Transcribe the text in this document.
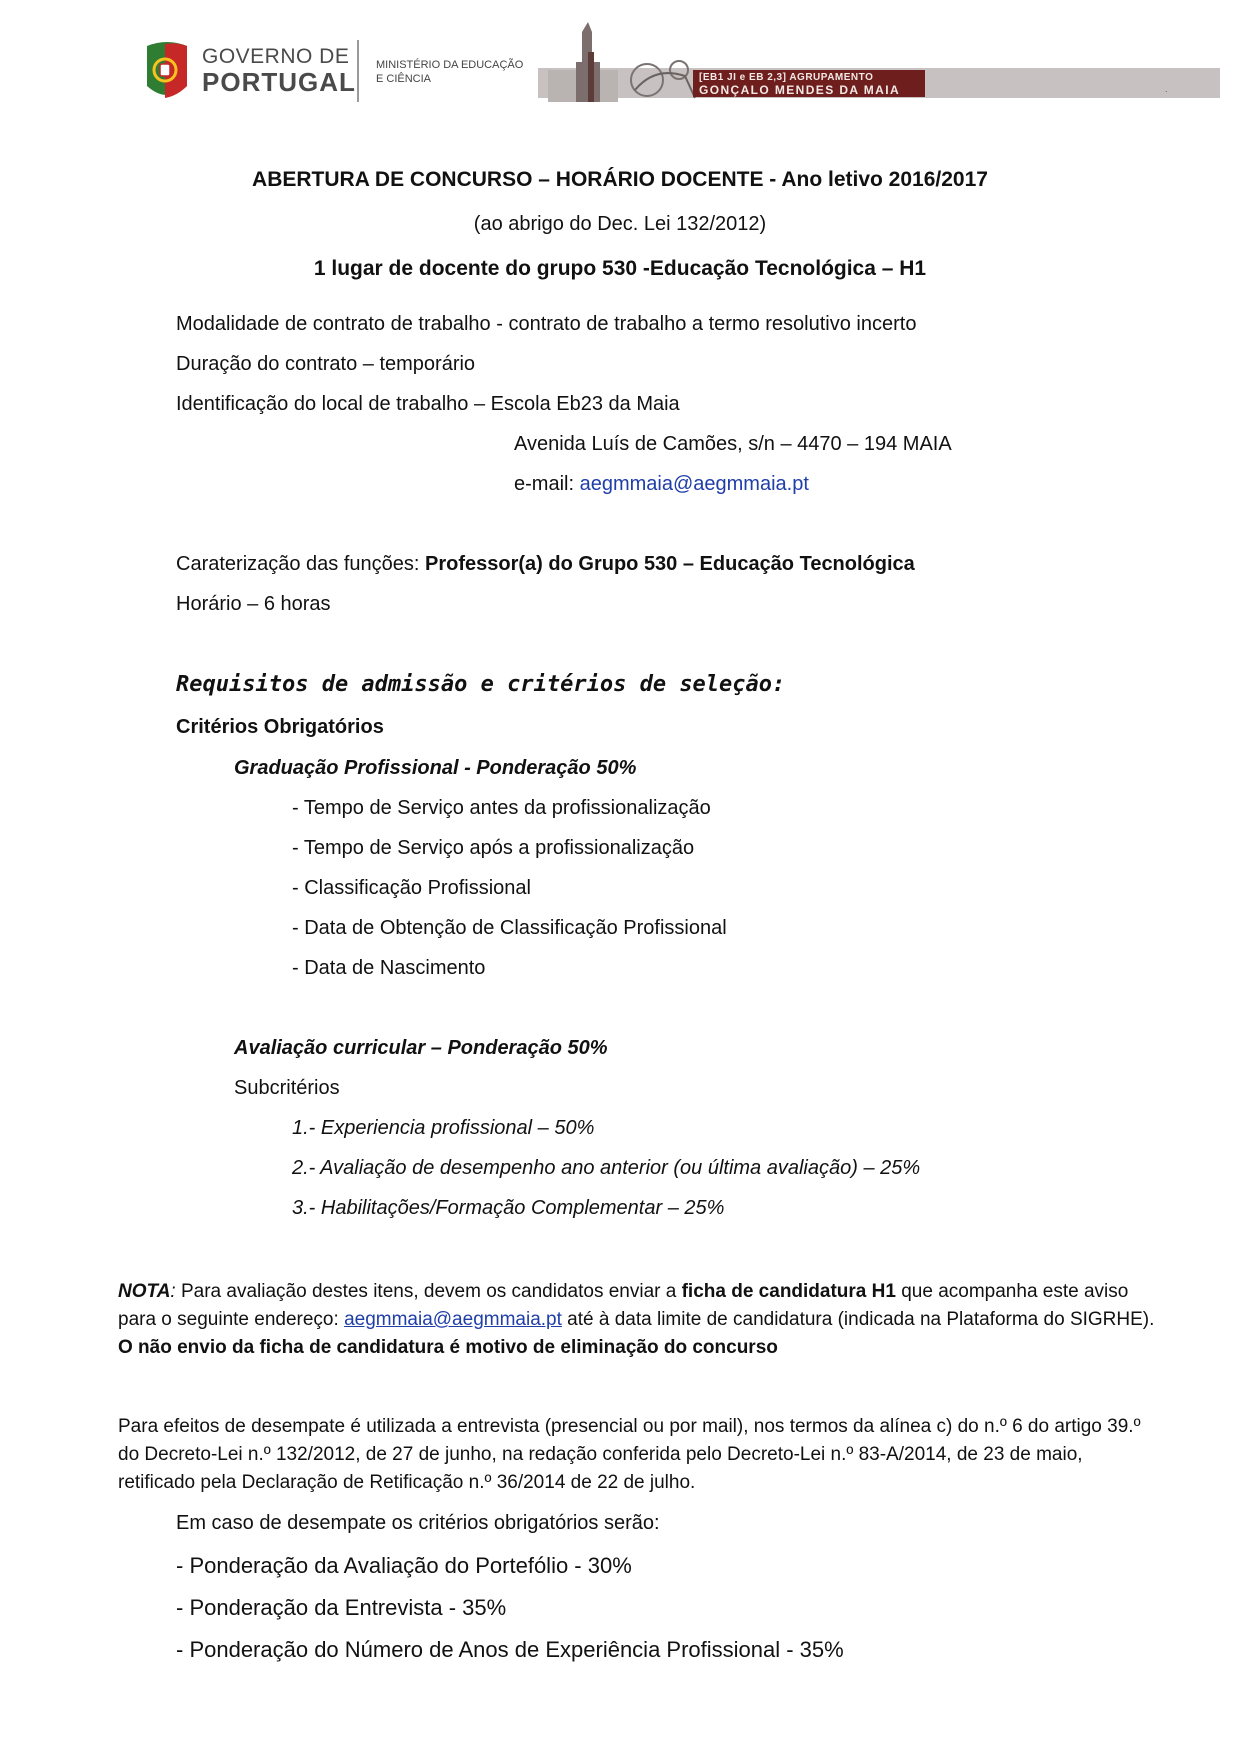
GOVERNO DE
PORTUGAL
MINISTÉRIO DA EDUCAÇÃO
E CIÊNCIA	[EB1 JI e EB 2,3] AGRUPAMENTO
GONÇALO MENDES DA MAIA	.
ABERTURA DE CONCURSO – HORÁRIO DOCENTE - Ano letivo 2016/2017
(ao abrigo do Dec. Lei 132/2012)
1 lugar de docente do grupo 530 -Educação Tecnológica – H1
Modalidade de contrato de trabalho - contrato de trabalho a termo resolutivo incerto
Duração do contrato – temporário
Identificação do local de trabalho – Escola Eb23 da Maia
Avenida Luís de Camões, s/n – 4470 – 194 MAIA
e-mail: aegmmaia@aegmmaia.pt
Caraterização das funções: Professor(a) do Grupo 530 – Educação Tecnológica
Horário – 6 horas
Requisitos de admissão e critérios de seleção:
Critérios Obrigatórios
Graduação Profissional - Ponderação 50%
- Tempo de Serviço antes da profissionalização
- Tempo de Serviço após a profissionalização
- Classificação Profissional
- Data de Obtenção de Classificação Profissional
- Data de Nascimento
Avaliação curricular – Ponderação 50%
Subcritérios
1.- Experiencia profissional – 50%
2.- Avaliação de desempenho ano anterior (ou última avaliação) – 25%
3.- Habilitações/Formação Complementar – 25%
NOTA: Para avaliação destes itens, devem os candidatos enviar a ficha de candidatura H1 que acompanha este aviso para o seguinte endereço: aegmmaia@aegmmaia.pt até à data limite de candidatura (indicada na Plataforma do SIGRHE). O não envio da ficha de candidatura é motivo de eliminação do concurso
Para efeitos de desempate é utilizada a entrevista (presencial ou por mail), nos termos da alínea c) do n.º 6 do artigo 39.º do Decreto-Lei n.º 132/2012, de 27 de junho, na redação conferida pelo Decreto-Lei n.º 83-A/2014, de 23 de maio, retificado pela Declaração de Retificação n.º 36/2014 de 22 de julho.
Em caso de desempate os critérios obrigatórios serão:
- Ponderação da Avaliação do Portefólio - 30%
- Ponderação da Entrevista - 35%
- Ponderação do Número de Anos de Experiência Profissional - 35%
